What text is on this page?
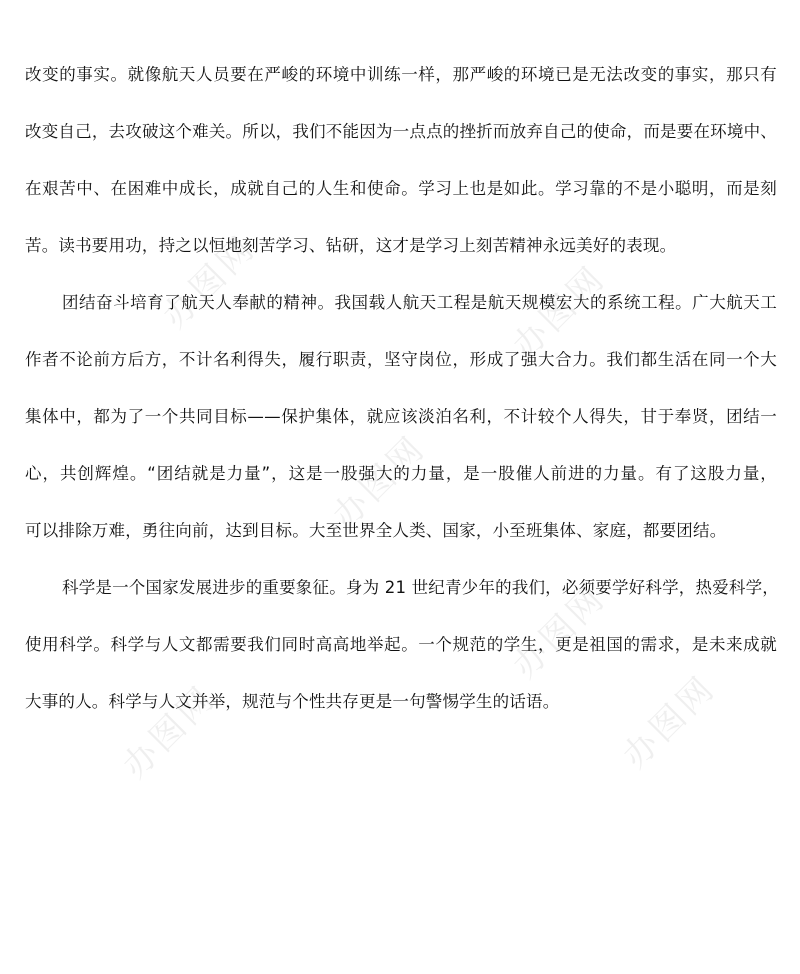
办图网	办图网
办图网
办图网
办图网	办图网
改变的事实。就像航天人员要在严峻的环境中训练一样，那严峻的环境已是无法改变的事实，那只有
改变自己，去攻破这个难关。所以，我们不能因为一点点的挫折而放弃自己的使命，而是要在环境中、
在艰苦中、在困难中成长，成就自己的人生和使命。学习上也是如此。学习靠的不是小聪明，而是刻
苦。读书要用功，持之以恒地刻苦学习、钻研，这才是学习上刻苦精神永远美好的表现。
团结奋斗培育了航天人奉献的精神。我国载人航天工程是航天规模宏大的系统工程。广大航天工
作者不论前方后方，不计名利得失，履行职责，坚守岗位，形成了强大合力。我们都生活在同一个大
集体中，都为了一个共同目标——保护集体，就应该淡泊名利，不计较个人得失，甘于奉贤，团结一
心，共创辉煌。“团结就是力量”，这是一股强大的力量，是一股催人前进的力量。有了这股力量，
可以排除万难，勇往向前，达到目标。大至世界全人类、国家，小至班集体、家庭，都要团结。
科学是一个国家发展进步的重要象征。身为 21 世纪青少年的我们，必须要学好科学，热爱科学，
使用科学。科学与人文都需要我们同时高高地举起。一个规范的学生，更是祖国的需求，是未来成就
大事的人。科学与人文并举，规范与个性共存更是一句警惕学生的话语。
